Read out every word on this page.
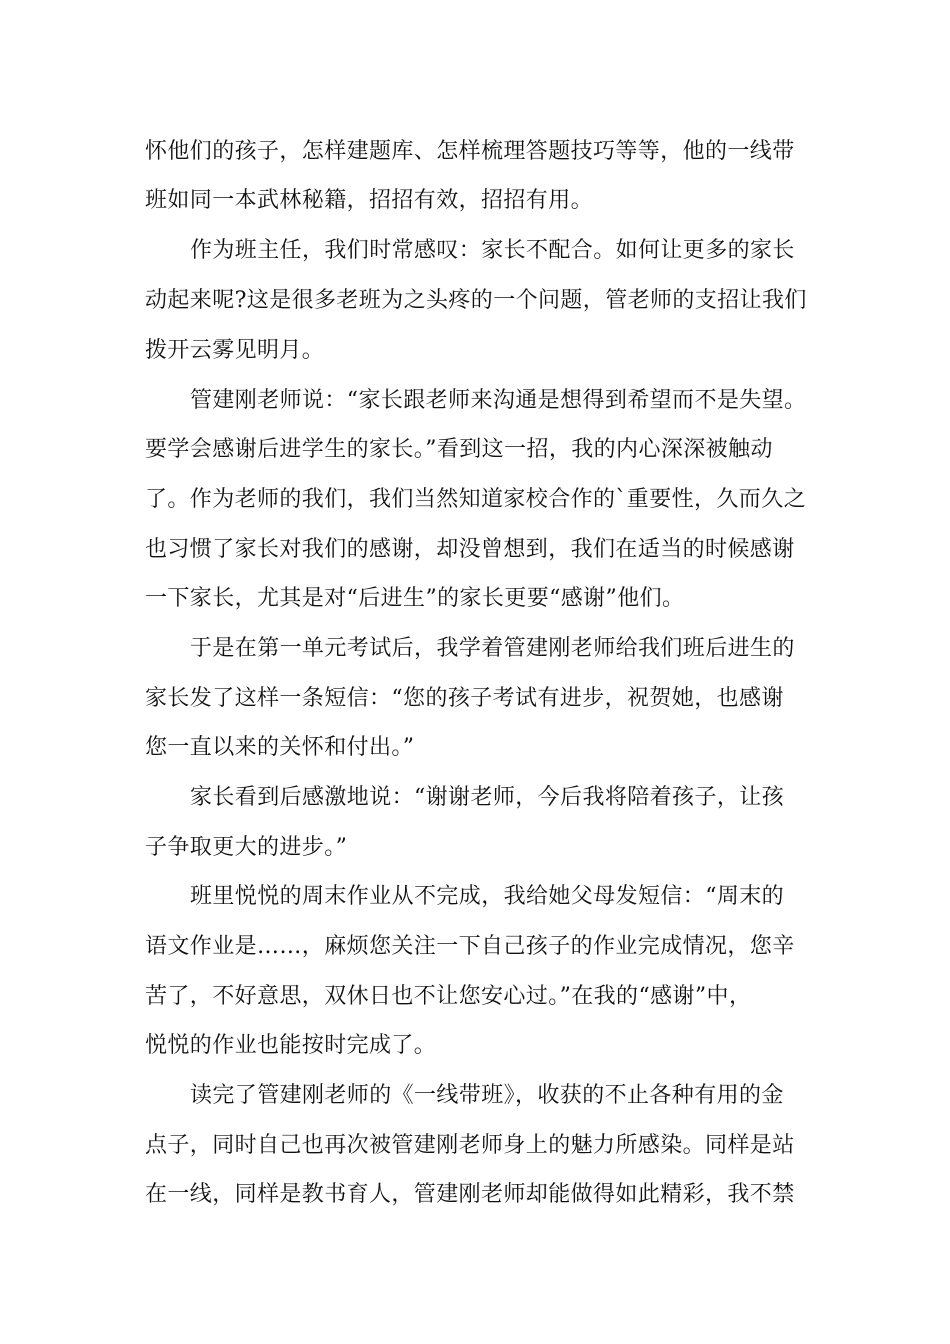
怀他们的孩子，怎样建题库、怎样梳理答题技巧等等，他的一线带
班如同一本武林秘籍，招招有效，招招有用。
作为班主任，我们时常感叹：家长不配合。如何让更多的家长
动起来呢?这是很多老班为之头疼的一个问题，管老师的支招让我们
拨开云雾见明月。
管建刚老师说：“家长跟老师来沟通是想得到希望而不是失望。
要学会感谢后进学生的家长。”看到这一招，我的内心深深被触动
了。作为老师的我们，我们当然知道家校合作的`重要性，久而久之
也习惯了家长对我们的感谢，却没曾想到，我们在适当的时候感谢
一下家长，尤其是对“后进生”的家长更要“感谢”他们。
于是在第一单元考试后，我学着管建刚老师给我们班后进生的
家长发了这样一条短信：“您的孩子考试有进步，祝贺她，也感谢
您一直以来的关怀和付出。”
家长看到后感激地说：“谢谢老师，今后我将陪着孩子，让孩
子争取更大的进步。”
班里悦悦的周末作业从不完成，我给她父母发短信：“周末的
语文作业是……，麻烦您关注一下自己孩子的作业完成情况，您辛
苦了，不好意思，双休日也不让您安心过。”在我的“感谢”中，
悦悦的作业也能按时完成了。
读完了管建刚老师的《一线带班》，收获的不止各种有用的金
点子，同时自己也再次被管建刚老师身上的魅力所感染。同样是站
在一线，同样是教书育人，管建刚老师却能做得如此精彩，我不禁
